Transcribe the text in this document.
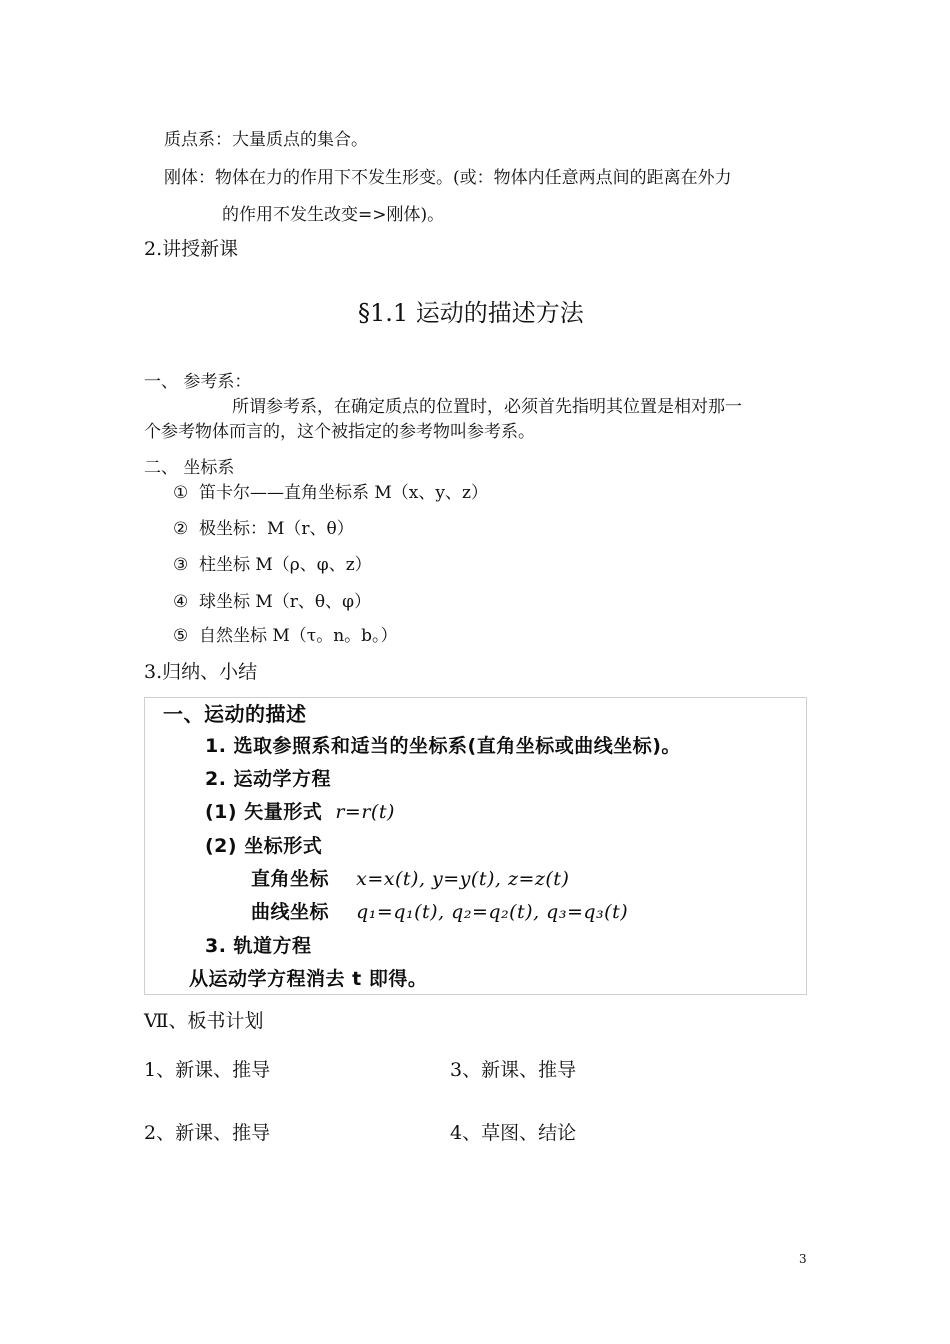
质点系：大量质点的集合。
刚体：物体在力的作用下不发生形变。(或：物体内任意两点间的距离在外力
的作用不发生改变=>刚体)。
2.讲授新课
§1.1 运动的描述方法
一、 参考系：
所谓参考系，在确定质点的位置时，必须首先指明其位置是相对那一
个参考物体而言的，这个被指定的参考物叫参考系。
二、 坐标系
① 笛卡尔——直角坐标系 M（x、y、z）
② 极坐标：M（r、θ）
③ 柱坐标 M（ρ、φ、z）
④ 球坐标 M（r、θ、φ）
⑤ 自然坐标 M（τ。n。b。）
3.归纳、小结
一、运动的描述
1. 选取参照系和适当的坐标系(直角坐标或曲线坐标)。
2. 运动学方程
(1) 矢量形式 r=r(t)
(2) 坐标形式
直角坐标 x=x(t), y=y(t), z=z(t)
曲线坐标 q₁=q₁(t), q₂=q₂(t), q₃=q₃(t)
3. 轨道方程
从运动学方程消去 t 即得。
Ⅶ、板书计划
1、新课、推导	3、新课、推导
2、新课、推导	4、草图、结论
3
